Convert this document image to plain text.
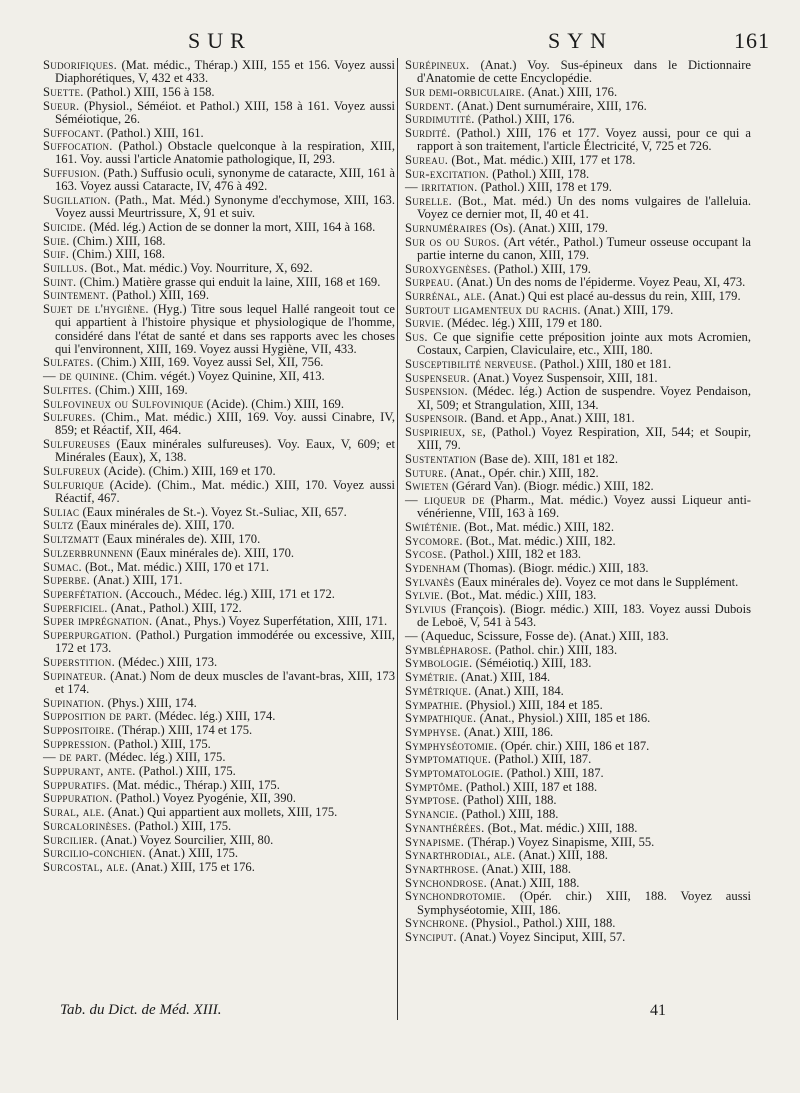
SUR	SYN	161

Sudorifiques. (Mat. médic., Thérap.) XIII, 155 et 156. Voyez aussi Diaphorétiques, V, 432 et 433.

Suette. (Pathol.) XIII, 156 à 158.

Sueur. (Physiol., Séméiot. et Pathol.) XIII, 158 à 161. Voyez aussi Séméiotique, 26.

Suffocant. (Pathol.) XIII, 161.

Suffocation. (Pathol.) Obstacle quelconque à la respiration, XIII, 161. Voy. aussi l'article Anatomie pathologique, II, 293.

Suffusion. (Path.) Suffusio oculi, synonyme de cataracte, XIII, 161 à 163. Voyez aussi Cataracte, IV, 476 à 492.

Sugillation. (Path., Mat. Méd.) Synonyme d'ecchymose, XIII, 163. Voyez aussi Meurtrissure, X, 91 et suiv.

Suicide. (Méd. lég.) Action de se donner la mort, XIII, 164 à 168.

Suie. (Chim.) XIII, 168.

Suif. (Chim.) XIII, 168.

Suillus. (Bot., Mat. médic.) Voy. Nourriture, X, 692.

Suint. (Chim.) Matière grasse qui enduit la laine, XIII, 168 et 169.

Suintement. (Pathol.) XIII, 169.

Sujet de l'hygiène. (Hyg.) Titre sous lequel Hallé rangeoit tout ce qui appartient à l'histoire physique et physiologique de l'homme, considéré dans l'état de santé et dans ses rapports avec les choses qui l'environnent, XIII, 169. Voyez aussi Hygiène, VII, 433.

Sulfates. (Chim.) XIII, 169. Voyez aussi Sel, XII, 756.

— de quinine. (Chim. végét.) Voyez Quinine, XII, 413.

Sulfites. (Chim.) XIII, 169.

Sulfovineux ou Sulfovinique (Acide). (Chim.) XIII, 169.

Sulfures. (Chim., Mat. médic.) XIII, 169. Voy. aussi Cinabre, IV, 859; et Réactif, XII, 464.

Sulfureuses (Eaux minérales sulfureuses). Voy. Eaux, V, 609; et Minérales (Eaux), X, 138.

Sulfureux (Acide). (Chim.) XIII, 169 et 170.

Sulfurique (Acide). (Chim., Mat. médic.) XIII, 170. Voyez aussi Réactif, 467.

Suliac (Eaux minérales de St.-). Voyez St.-Suliac, XII, 657.

Sultz (Eaux minérales de). XIII, 170.

Sultzmatt (Eaux minérales de). XIII, 170.

Sulzerbrunnenn (Eaux minérales de). XIII, 170.

Sumac. (Bot., Mat. médic.) XIII, 170 et 171.

Superbe. (Anat.) XIII, 171.

Superfétation. (Accouch., Médec. lég.) XIII, 171 et 172.

Superficiel. (Anat., Pathol.) XIII, 172.

Super imprégnation. (Anat., Phys.) Voyez Superfétation, XIII, 171.

Superpurgation. (Pathol.) Purgation immodérée ou excessive, XIII, 172 et 173.

Superstition. (Médec.) XIII, 173.

Supinateur. (Anat.) Nom de deux muscles de l'avant-bras, XIII, 173 et 174.

Supination. (Phys.) XIII, 174.

Supposition de part. (Médec. lég.) XIII, 174.

Suppositoire. (Thérap.) XIII, 174 et 175.

Suppression. (Pathol.) XIII, 175.

— de part. (Médec. lég.) XIII, 175.

Suppurant, ante. (Pathol.) XIII, 175.

Suppuratifs. (Mat. médic., Thérap.) XIII, 175.

Suppuration. (Pathol.) Voyez Pyogénie, XII, 390.

Sural, ale. (Anat.) Qui appartient aux mollets, XIII, 175.

Surcalorinèses. (Pathol.) XIII, 175.

Surcilier. (Anat.) Voyez Sourcilier, XIII, 80.

Surcilio-conchien. (Anat.) XIII, 175.

Surcostal, ale. (Anat.) XIII, 175 et 176.

Surépineux. (Anat.) Voy. Sus-épineux dans le Dictionnaire d'Anatomie de cette Encyclopédie.

Sur demi-orbiculaire. (Anat.) XIII, 176.

Surdent. (Anat.) Dent surnuméraire, XIII, 176.

Surdimutité. (Pathol.) XIII, 176.

Surdité. (Pathol.) XIII, 176 et 177. Voyez aussi, pour ce qui a rapport à son traitement, l'article Électricité, V, 725 et 726.

Sureau. (Bot., Mat. médic.) XIII, 177 et 178.

Sur-excitation. (Pathol.) XIII, 178.

— irritation. (Pathol.) XIII, 178 et 179.

Surelle. (Bot., Mat. méd.) Un des noms vulgaires de l'alleluia. Voyez ce dernier mot, II, 40 et 41.

Surnuméraires (Os). (Anat.) XIII, 179.

Sur os ou Suros. (Art vétér., Pathol.) Tumeur osseuse occupant la partie interne du canon, XIII, 179.

Suroxygenèses. (Pathol.) XIII, 179.

Surpeau. (Anat.) Un des noms de l'épiderme. Voyez Peau, XI, 473.

Surrénal, ale. (Anat.) Qui est placé au-dessus du rein, XIII, 179.

Surtout ligamenteux du rachis. (Anat.) XIII, 179.

Survie. (Médec. lég.) XIII, 179 et 180.

Sus. Ce que signifie cette préposition jointe aux mots Acromien, Costaux, Carpien, Claviculaire, etc., XIII, 180.

Susceptibilité nerveuse. (Pathol.) XIII, 180 et 181.

Suspenseur. (Anat.) Voyez Suspensoir, XIII, 181.

Suspension. (Médec. lég.) Action de suspendre. Voyez Pendaison, XI, 509; et Strangulation, XIII, 134.

Suspensoir. (Band. et App., Anat.) XIII, 181.

Suspirieux, se, (Pathol.) Voyez Respiration, XII, 544; et Soupir, XIII, 79.

Sustentation (Base de). XIII, 181 et 182.

Suture. (Anat., Opér. chir.) XIII, 182.

Swieten (Gérard Van). (Biogr. médic.) XIII, 182.

— liqueur de (Pharm., Mat. médic.) Voyez aussi Liqueur anti-vénérienne, VIII, 163 à 169.

Swiéténie. (Bot., Mat. médic.) XIII, 182.

Sycomore. (Bot., Mat. médic.) XIII, 182.

Sycose. (Pathol.) XIII, 182 et 183.

Sydenham (Thomas). (Biogr. médic.) XIII, 183.

Sylvanès (Eaux minérales de). Voyez ce mot dans le Supplément.

Sylvie. (Bot., Mat. médic.) XIII, 183.

Sylvius (François). (Biogr. médic.) XIII, 183. Voyez aussi Dubois de Leboë, V, 541 à 543.

— (Aqueduc, Scissure, Fosse de). (Anat.) XIII, 183.

Symblépharose. (Pathol. chir.) XIII, 183.

Symbologie. (Séméiotiq.) XIII, 183.

Symétrie. (Anat.) XIII, 184.

Symétrique. (Anat.) XIII, 184.

Sympathie. (Physiol.) XIII, 184 et 185.

Sympathique. (Anat., Physiol.) XIII, 185 et 186.

Symphyse. (Anat.) XIII, 186.

Symphyséotomie. (Opér. chir.) XIII, 186 et 187.

Symptomatique. (Pathol.) XIII, 187.

Symptomatologie. (Pathol.) XIII, 187.

Symptôme. (Pathol.) XIII, 187 et 188.

Symptose. (Pathol) XIII, 188.

Synancie. (Pathol.) XIII, 188.

Synanthérées. (Bot., Mat. médic.) XIII, 188.

Synapisme. (Thérap.) Voyez Sinapisme, XIII, 55.

Synarthrodial, ale. (Anat.) XIII, 188.

Synarthrose. (Anat.) XIII, 188.

Synchondrose. (Anat.) XIII, 188.

Synchondrotomie. (Opér. chir.) XIII, 188. Voyez aussi Symphyséotomie, XIII, 186.

Synchrone. (Physiol., Pathol.) XIII, 188.

Synciput. (Anat.) Voyez Sinciput, XIII, 57.

Tab. du Dict. de Méd. XIII.	41
